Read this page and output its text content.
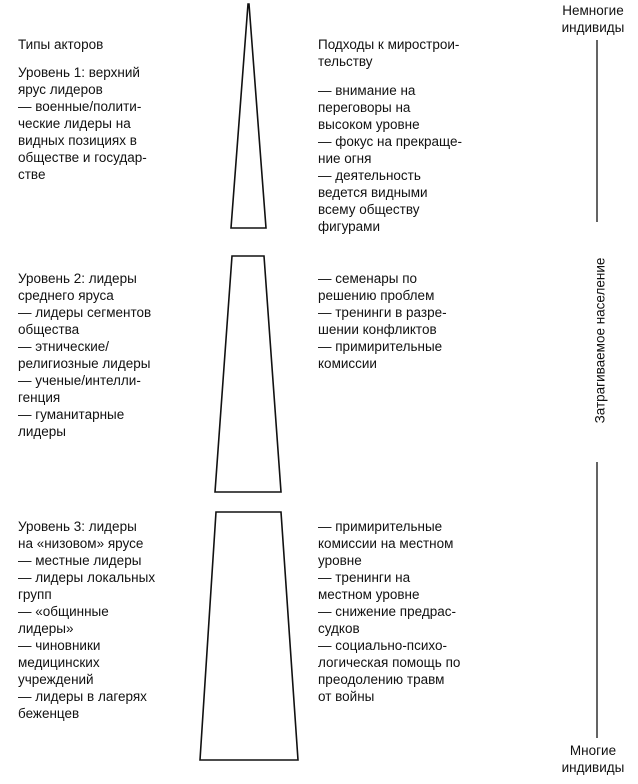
Типы акторов	Подходы к мирострои-
тельству
Уровень 1: верхний
ярус лидеров
— военные/полити-
ческие лидеры на
видных позициях в
обществе и государ-
стве
— внимание на
переговоры на
высоком уровне
— фокус на прекраще-
ние огня
— деятельность
ведется видными
всему обществу
фигурами
Уровень 2: лидеры
среднего яруса
— лидеры сегментов
общества
— этнические/
религиозные лидеры
— ученые/интелли-
генция
— гуманитарные
лидеры
— семенары по
решению проблем
— тренинги в разре-
шении конфликтов
— примирительные
комиссии
Уровень 3: лидеры
на «низовом» ярусе
— местные лидеры
— лидеры локальных
групп
— «общинные
лидеры»
— чиновники
медицинских
учреждений
— лидеры в лагерях
беженцев
— примирительные
комиссии на местном
уровне
— тренинги на
местном уровне
— снижение предрас-
судков
— социально-психо-
логическая помощь по
преодолению травм
от войны
Немногие
индивиды
Затрагиваемое население
Многие
индивиды
